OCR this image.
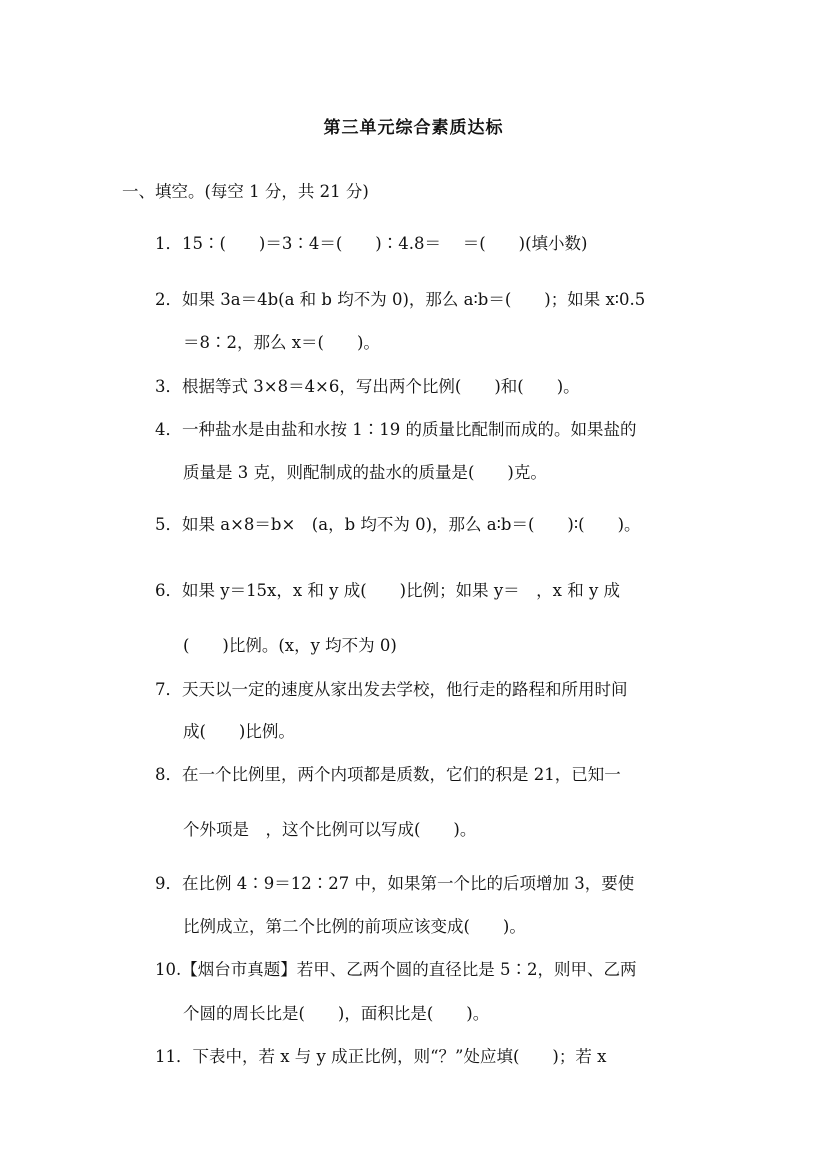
第三单元综合素质达标
一、填空。(每空 1 分，共 21 分)
1．15∶(　　)＝3∶4＝(　　)∶4.8＝　 ＝(　　)(填小数)
2．如果 3a＝4b(a 和 b 均不为 0)，那么 a∶b＝(　　)；如果 x∶0.5
＝8∶2，那么 x＝(　　)。
3．根据等式 3×8＝4×6，写出两个比例(　　)和(　　)。
4．一种盐水是由盐和水按 1∶19 的质量比配制而成的。如果盐的
质量是 3 克，则配制成的盐水的质量是(　　)克。
5．如果 a×8＝b×　(a，b 均不为 0)，那么 a∶b＝(　　)∶(　　)。
6．如果 y＝15x，x 和 y 成(　　)比例；如果 y＝　，x 和 y 成
(　　)比例。(x，y 均不为 0)
7．天天以一定的速度从家出发去学校，他行走的路程和所用时间
成(　　)比例。
8．在一个比例里，两个内项都是质数，它们的积是 21，已知一
个外项是　，这个比例可以写成(　　)。
9．在比例 4∶9＝12∶27 中，如果第一个比的后项增加 3，要使
比例成立，第二个比例的前项应该变成(　　)。
10.【烟台市真题】若甲、乙两个圆的直径比是 5∶2，则甲、乙两
个圆的周长比是(　　)，面积比是(　　)。
11．下表中，若 x 与 y 成正比例，则“？”处应填(　　)；若 x
